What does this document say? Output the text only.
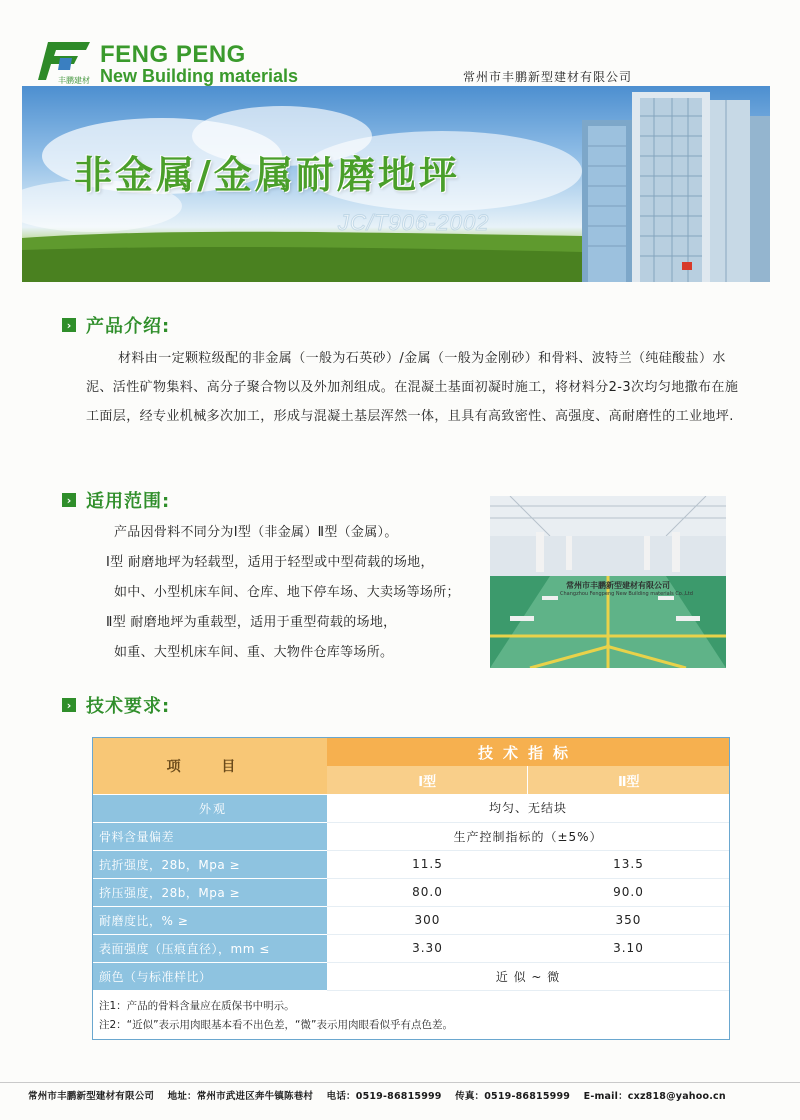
丰鹏建材
FENG PENG
New Building materials	常州市丰鹏新型建材有限公司
非金属/金属耐磨地坪
JC/T906-2002
› 产品介绍:
材料由一定颗粒级配的非金属（一般为石英砂）/金属（一般为金刚砂）和骨料、波特兰（纯硅酸盐）水泥、活性矿物集料、高分子聚合物以及外加剂组成。在混凝土基面初凝时施工，将材料分2-3次均匀地撒布在施工面层，经专业机械多次加工，形成与混凝土基层浑然一体，且具有高致密性、高强度、高耐磨性的工业地坪.
› 适用范围:
产品因骨料不同分为Ⅰ型（非金属）Ⅱ型（金属）。
Ⅰ型 耐磨地坪为轻载型，适用于轻型或中型荷载的场地，
如中、小型机床车间、仓库、地下停车场、大卖场等场所；
Ⅱ型 耐磨地坪为重载型，适用于重型荷载的场地，
如重、大型机床车间、重、大物件仓库等场所。
常州市丰鹏新型建材有限公司
Changzhou Fengpeng New Building materials Co.,Ltd
› 技术要求:
项 目	技术指标	
	Ⅰ型	Ⅱ型
外观	均匀、无结块	
骨料含量偏差	生产控制指标的（±5%）	
抗折强度，28b，Mpa ≥	11.5	13.5
挤压强度，28b，Mpa ≥	80.0	90.0
耐磨度比，% ≥	300	350
表面强度（压痕直径），mm ≤	3.30	3.10
颜色（与标准样比）	近 似 ~ 微	
注1：产品的骨料含量应在质保书中明示。
注2：“近似”表示用肉眼基本看不出色差，“微”表示用肉眼看似乎有点色差。
常州市丰鹏新型建材有限公司 地址：常州市武进区奔牛镇陈巷村 电话：0519-86815999 传真：0519-86815999 E-mail：cxz818@yahoo.cn
